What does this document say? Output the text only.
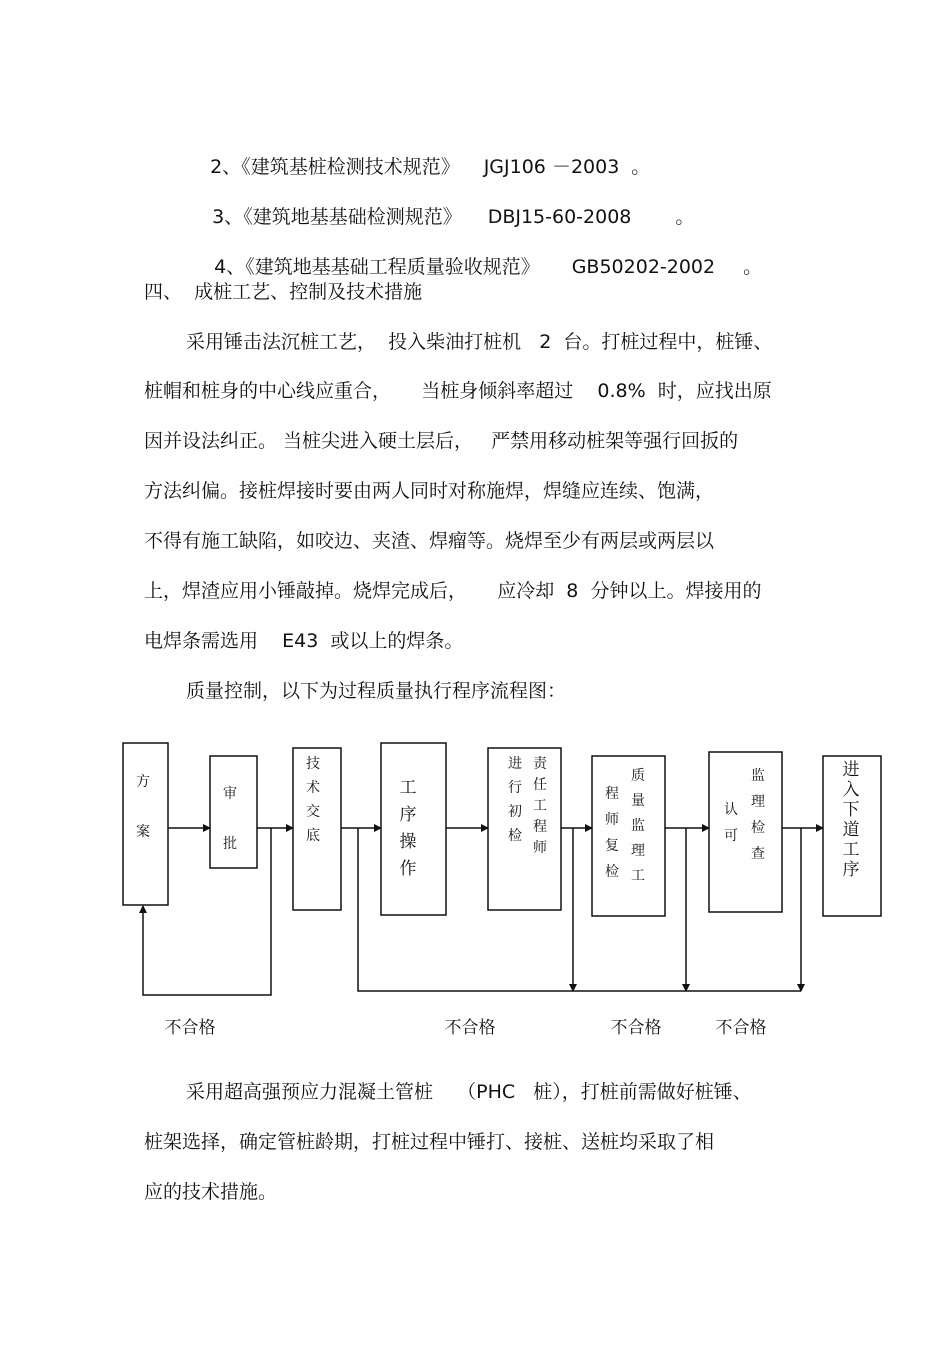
2、《建筑基桩检测技术规范》 JGJ106 －2003 。

3、《建筑地基基础检测规范》 DBJ15-60-2008 。

4、《建筑地基基础工程质量验收规范》 GB50202-2002 。

四、  成桩工艺、控制及技术措施
采用锤击法沉桩工艺，  投入柴油打桩机   2  台。打桩过程中，桩锤、
桩帽和桩身的中心线应重合，     当桩身倾斜率超过    0.8%  时，应找出原
因并设法纠正。 当桩尖进入硬土层后，   严禁用移动桩架等强行回扳的
方法纠偏。接桩焊接时要由两人同时对称施焊，焊缝应连续、饱满，
不得有施工缺陷，如咬边、夹渣、焊瘤等。烧焊至少有两层或两层以
上，焊渣应用小锤敲掉。烧焊完成后，     应冷却  8  分钟以上。焊接用的
电焊条需选用    E43  或以上的焊条。
质量控制，以下为过程质量执行程序流程图：
不合格	不合格	不合格	不合格
方
案
审
批
技
术
交
底
工
序
操
作
进
行
初
检
责
任
工
程
师
程
师
复
检
质
量
监
理
工
认
可
监
理
检
查
进
入
下
道
工
序
采用超高强预应力混凝土管桩    （PHC   桩），打桩前需做好桩锤、
桩架选择，确定管桩龄期，打桩过程中锤打、接桩、送桩均采取了相
应的技术措施。
